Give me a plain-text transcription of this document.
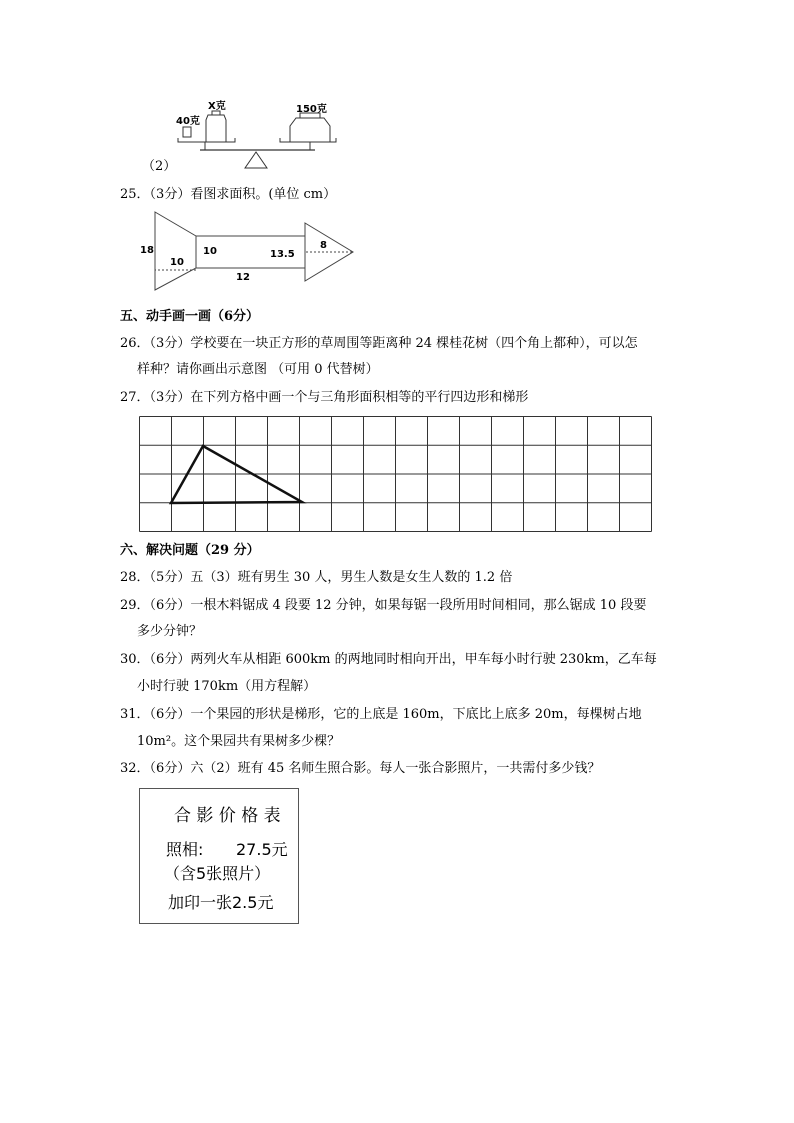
40克
X克	150克
（2）
25．（3分）看图求面积。(单位 cm）
18
10
10
12
13.5
8
五、动手画一画（6分）
26．（3分）学校要在一块正方形的草周围等距离种 24 棵桂花树（四个角上都种），可以怎
样种？请你画出示意图 （可用 0 代替树）
27．（3分）在下列方格中画一个与三角形面积相等的平行四边形和梯形
六、解决问题（29 分）
28．（5分）五（3）班有男生 30 人，男生人数是女生人数的 1.2 倍
29．（6分）一根木料锯成 4 段要 12 分钟，如果每锯一段所用时间相同，那么锯成 10 段要
多少分钟？
30．（6分）两列火车从相距 600km 的两地同时相向开出，甲车每小时行驶 230km，乙车每
小时行驶 170km（用方程解）
31．（6分）一个果园的形状是梯形，它的上底是 160m，下底比上底多 20m，每棵树占地
10m²。这个果园共有果树多少棵？
32．（6分）六（2）班有 45 名师生照合影。每人一张合影照片，一共需付多少钱？
合 影 价 格 表
照相: 27.5元
（含5张照片）
加印一张2.5元
